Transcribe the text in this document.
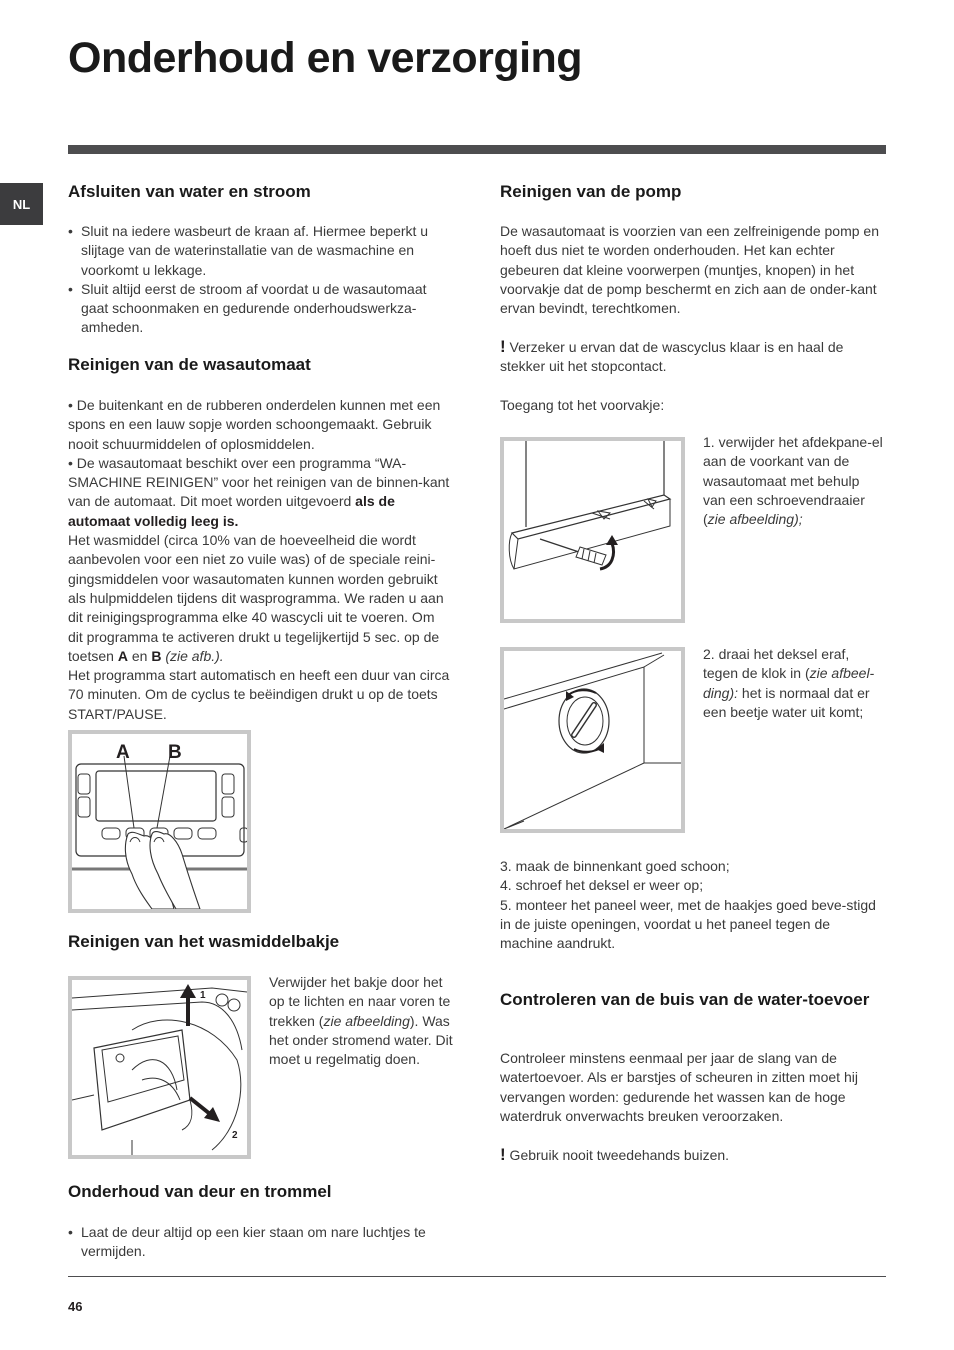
Onderhoud en verzorging
NL
Afsluiten van water en stroom

• Sluit na iedere wasbeurt de kraan af. Hiermee beperkt u slijtage van de waterinstallatie van de wasmachine en voorkomt u lekkage.

• Sluit altijd eerst de stroom af voordat u de wasautomaat gaat schoonmaken en gedurende onderhoudswerkza-amheden.

Reinigen van de wasautomaat

• De buitenkant en de rubberen onderdelen kunnen met een spons en een lauw sopje worden schoongemaakt. Gebruik nooit schuurmiddelen of oplosmiddelen.

• De wasautomaat beschikt over een programma “WA-SMACHINE REINIGEN” voor het reinigen van de binnen-kant van de automaat. Dit moet worden uitgevoerd als de automaat volledig leeg is.

Het wasmiddel (circa 10% van de hoeveelheid die wordt aanbevolen voor een niet zo vuile was) of de speciale reini-gingsmiddelen voor wasautomaten kunnen worden gebruikt als hulpmiddelen tijdens dit wasprogramma. We raden u aan dit reinigingsprogramma elke 40 wascycli uit te voeren. Om dit programma te activeren drukt u tegelijkertijd 5 sec. op de toetsen A en B (zie afb.).

Het programma start automatisch en heeft een duur van circa 70 minuten. Om de cyclus te beëindigen drukt u op de toets START/PAUSE.

A B
Reinigen van het wasmiddelbakje
1
2

Verwijder het bakje door het op te lichten en naar voren te trekken (zie afbeelding). Was het onder stromend water. Dit moet u regelmatig doen.

Onderhoud van deur en trommel

• Laat de deur altijd op een kier staan om nare luchtjes te vermijden.

Reinigen van de pomp

De wasautomaat is voorzien van een zelfreinigende pomp en hoeft dus niet te worden onderhouden. Het kan echter gebeuren dat kleine voorwerpen (muntjes, knopen) in het voorvakje dat de pomp beschermt en zich aan de onder-kant ervan bevindt, terechtkomen.

! Verzeker u ervan dat de wascyclus klaar is en haal de stekker uit het stopcontact.

Toegang tot het voorvakje:

1. verwijder het afdekpane-el aan de voorkant van de wasautomaat met behulp van een schroevendraaier (zie afbeelding);

2. draai het deksel eraf, tegen de klok in (zie afbeel-ding): het is normaal dat er een beetje water uit komt;

3. maak de binnenkant goed schoon;

4. schroef het deksel er weer op;

5. monteer het paneel weer, met de haakjes goed beve-stigd in de juiste openingen, voordat u het paneel tegen de machine aandrukt.

Controleren van de buis van de water-toevoer

Controleer minstens eenmaal per jaar de slang van de watertoevoer. Als er barstjes of scheuren in zitten moet hij vervangen worden: gedurende het wassen kan de hoge waterdruk onverwachts breuken veroorzaken.

! Gebruik nooit tweedehands buizen.

46
